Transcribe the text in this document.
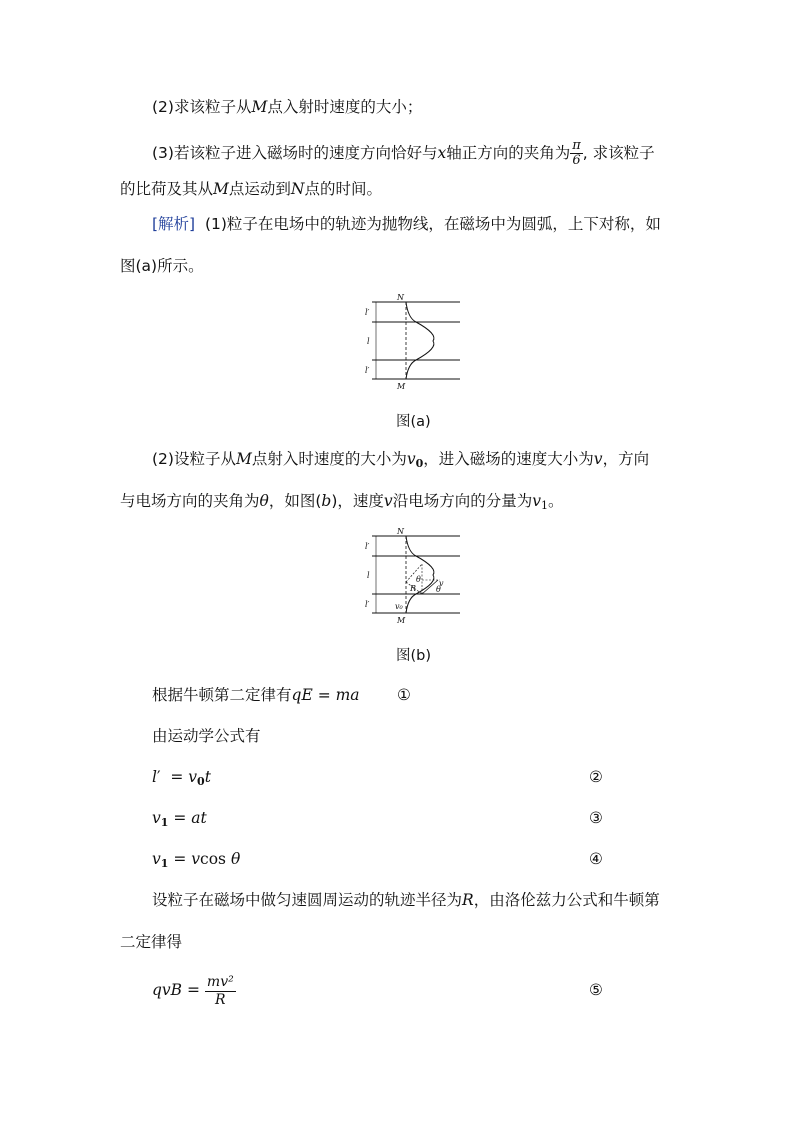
(2)求该粒子从M点入射时速度的大小；
(3)若该粒子进入磁场时的速度方向恰好与x轴正方向的夹角为 $\frac{\pi}{6}$ , 求该粒子
的比荷及其从M点运动到N点的时间。
[解析] (1)粒子在电场中的轨迹为抛物线，在磁场中为圆弧，上下对称，如
图(a)所示。
N
M
l′
l
l′
图(a)
(2)设粒子从M点射入时速度的大小为$v_0$，进入磁场的速度大小为v，方向
与电场方向的夹角为θ，如图(b)，速度v沿电场方向的分量为$v_1$。
N
M
R
θ
θ
v
v₀
l′
l
l′
图(b)
根据牛顿第二定律有qE = ma ①
由运动学公式有
$l' = v_0t$	②
$v_1$ = at	③
$v_1 = vcos$ θ	④
设粒子在磁场中做匀速圆周运动的轨迹半径为R，由洛伦兹力公式和牛顿第
二定律得
qvB = $\frac{\text{mv²}}{R}$	⑤
